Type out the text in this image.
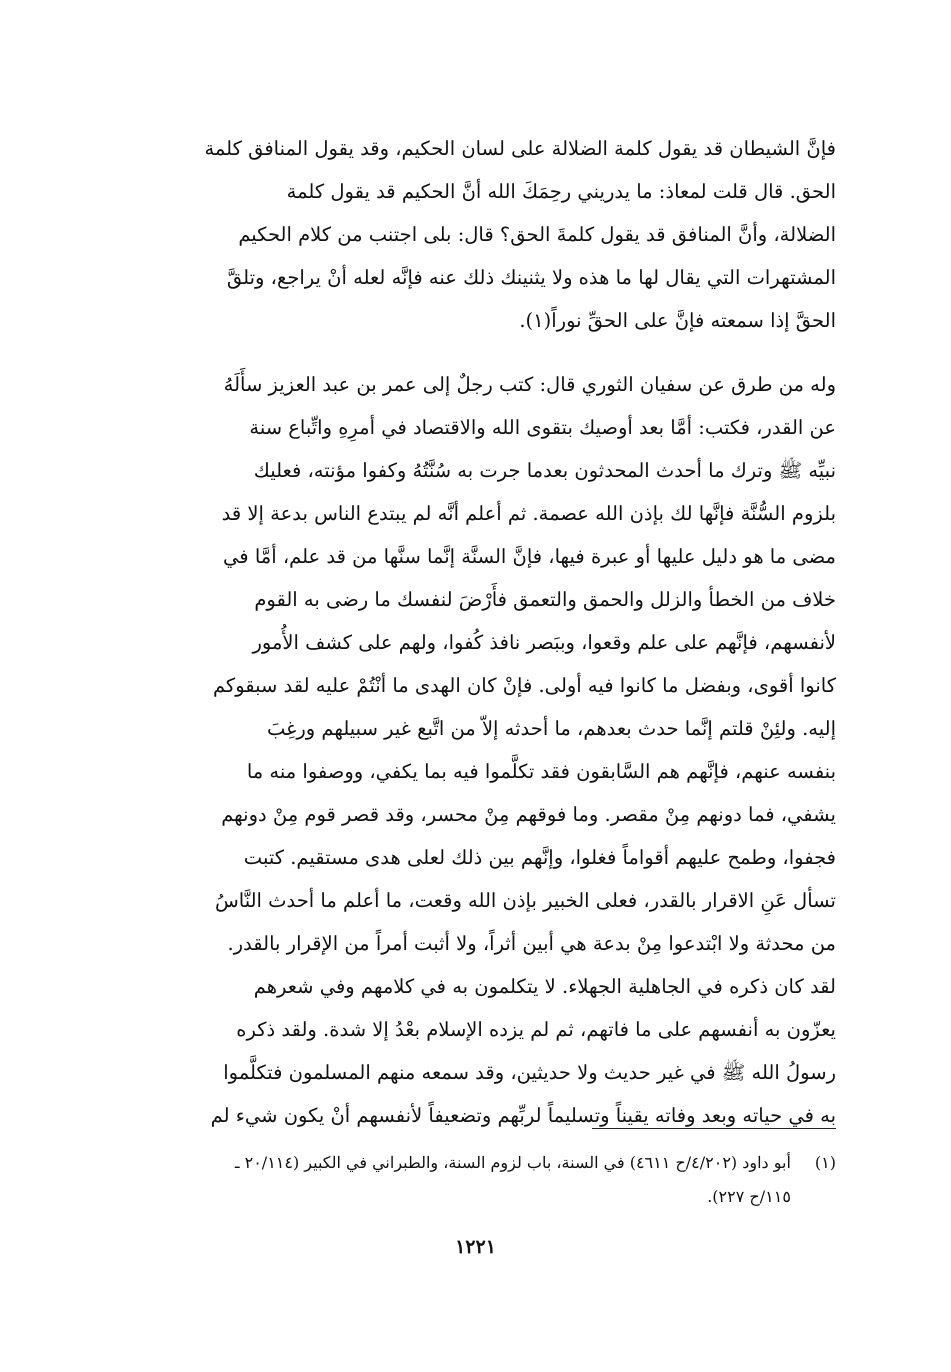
فإنَّ الشيطان قد يقول كلمة الضلالة على لسان الحكيم، وقد يقول المنافق كلمة
الحق. قال قلت لمعاذ: ما يدريني رحِمَكَ الله أنَّ الحكيم قد يقول كلمة
الضلالة، وأنَّ المنافق قد يقول كلمةَ الحق؟ قال: بلى اجتنب من كلام الحكيم
المشتهرات التي يقال لها ما هذه ولا يثنينك ذلك عنه فإنَّه لعله أنْ يراجع، وتلقَّ
الحقَّ إذا سمعته فإنَّ على الحقِّ نوراً(١).
وله من طرق عن سفيان الثوري قال: كتب رجلٌ إلى عمر بن عبد العزيز سأَلَهُ
عن القدر، فكتب: أمَّا بعد أوصيك بتقوى الله والاقتصاد في أمرِهِ واتِّباع سنة
نبيِّه ﷺ وترك ما أحدث المحدثون بعدما جرت به سُنَّتُهُ وكفوا مؤنته، فعليك
بلزوم السُّنَّة فإنَّها لك بإذن الله عصمة. ثم أعلم أنَّه لم يبتدع الناس بدعة إلا قد
مضى ما هو دليل عليها أو عبرة فيها، فإنَّ السنَّة إنَّما سنَّها من قد علم، أمَّا في
خلاف من الخطأ والزلل والحمق والتعمق فأَرْضَ لنفسك ما رضى به القوم
لأنفسهم، فإنَّهم على علم وقعوا، وببَصر نافذ كُفوا، ولهم على كشف الأُمور
كانوا أقوى، وبفضل ما كانوا فيه أولى. فإنْ كان الهدى ما أنْتُمْ عليه لقد سبقوكم
إليه. ولئِنْ قلتم إنَّما حدث بعدهم، ما أحدثه إلاّ من اتَّبع غير سبيلهم ورغِبَ
بنفسه عنهم، فإنَّهم هم السَّابقون فقد تكلَّموا فيه بما يكفي، ووصفوا منه ما
يشفي، فما دونهم مِنْ مقصر. وما فوقهم مِنْ محسر، وقد قصر قوم مِنْ دونهم
فجفوا، وطمح عليهم أقواماً فغلوا، وإنَّهم بين ذلك لعلى هدى مستقيم. كتبت
تسأل عَنِ الاقرار بالقدر، فعلى الخبير بإذن الله وقعت، ما أعلم ما أحدث النَّاسُ
من محدثة ولا ابْتدعوا مِنْ بدعة هي أبين أثراً، ولا أثبت أمراً من الإقرار بالقدر.
لقد كان ذكره في الجاهلية الجهلاء. لا يتكلمون به في كلامهم وفي شعرهم
يعزّون به أنفسهم على ما فاتهم، ثم لم يزده الإسلام بعْدُ إلا شدة. ولقد ذكره
رسولُ الله ﷺ في غير حديث ولا حديثين، وقد سمعه منهم المسلمون فتكلَّموا
به في حياته وبعد وفاته يقيناً وتسليماً لربِّهم وتضعيفاً لأنفسهم أنْ يكون شيء لم
(١) أبو داود (٤/٢٠٢/ح ٤٦١١) في السنة، باب لزوم السنة، والطبراني في الكبير (٢٠/١١٤ ـ
١١٥/ح ٢٢٧).
١٢٢١
